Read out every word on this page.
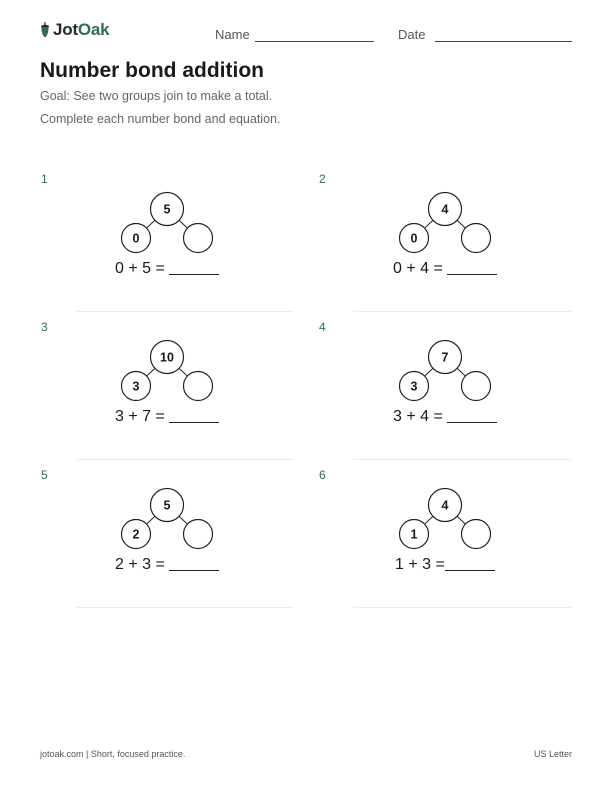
JotOak	Name	Date
Number bond addition
Goal: See two groups join to make a total.
Complete each number bond and equation.
1
5
0
0 + 5 =
2
4
0
0 + 4 =
3
10
3
3 + 7 =
4
7
3
3 + 4 =
5
5
2
2 + 3 =
6
4
1
1 + 3 =
jotoak.com | Short, focused practice.	US Letter
